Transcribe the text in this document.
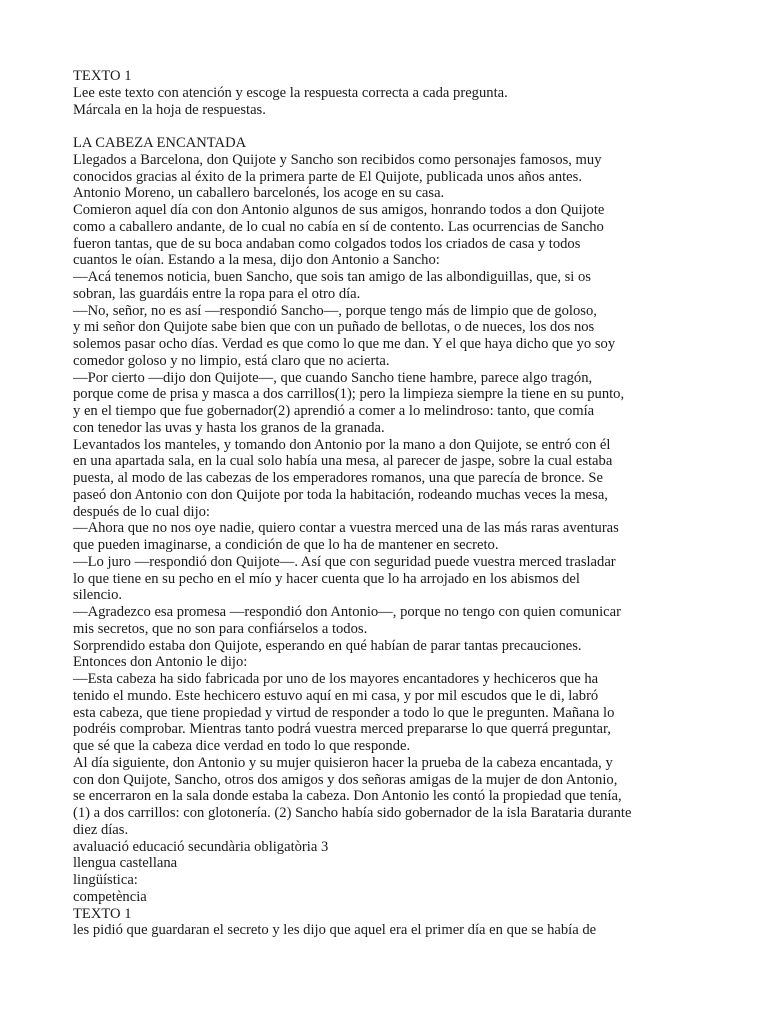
TEXTO 1
Lee este texto con atención y escoge la respuesta correcta a cada pregunta.
Márcala en la hoja de respuestas.
LA CABEZA ENCANTADA
Llegados a Barcelona, don Quijote y Sancho son recibidos como personajes famosos, muy
conocidos gracias al éxito de la primera parte de El Quijote, publicada unos años antes.
Antonio Moreno, un caballero barcelonés, los acoge en su casa.
Comieron aquel día con don Antonio algunos de sus amigos, honrando todos a don Quijote
como a caballero andante, de lo cual no cabía en sí de contento. Las ocurrencias de Sancho
fueron tantas, que de su boca andaban como colgados todos los criados de casa y todos
cuantos le oían. Estando a la mesa, dijo don Antonio a Sancho:
—Acá tenemos noticia, buen Sancho, que sois tan amigo de las albondiguillas, que, si os
sobran, las guardáis entre la ropa para el otro día.
—No, señor, no es así —respondió Sancho—, porque tengo más de limpio que de goloso,
y mi señor don Quijote sabe bien que con un puñado de bellotas, o de nueces, los dos nos
solemos pasar ocho días. Verdad es que como lo que me dan. Y el que haya dicho que yo soy
comedor goloso y no limpio, está claro que no acierta.
—Por cierto —dijo don Quijote—, que cuando Sancho tiene hambre, parece algo tragón,
porque come de prisa y masca a dos carrillos(1); pero la limpieza siempre la tiene en su punto,
y en el tiempo que fue gobernador(2) aprendió a comer a lo melindroso: tanto, que comía
con tenedor las uvas y hasta los granos de la granada.
Levantados los manteles, y tomando don Antonio por la mano a don Quijote, se entró con él
en una apartada sala, en la cual solo había una mesa, al parecer de jaspe, sobre la cual estaba
puesta, al modo de las cabezas de los emperadores romanos, una que parecía de bronce. Se
paseó don Antonio con don Quijote por toda la habitación, rodeando muchas veces la mesa,
después de lo cual dijo:
—Ahora que no nos oye nadie, quiero contar a vuestra merced una de las más raras aventuras
que pueden imaginarse, a condición de que lo ha de mantener en secreto.
—Lo juro —respondió don Quijote—. Así que con seguridad puede vuestra merced trasladar
lo que tiene en su pecho en el mío y hacer cuenta que lo ha arrojado en los abismos del
silencio.
—Agradezco esa promesa —respondió don Antonio—, porque no tengo con quien comunicar
mis secretos, que no son para confiárselos a todos.
Sorprendido estaba don Quijote, esperando en qué habían de parar tantas precauciones.
Entonces don Antonio le dijo:
—Esta cabeza ha sido fabricada por uno de los mayores encantadores y hechiceros que ha
tenido el mundo. Este hechicero estuvo aquí en mi casa, y por mil escudos que le di, labró
esta cabeza, que tiene propiedad y virtud de responder a todo lo que le pregunten. Mañana lo
podréis comprobar. Mientras tanto podrá vuestra merced prepararse lo que querrá preguntar,
que sé que la cabeza dice verdad en todo lo que responde.
Al día siguiente, don Antonio y su mujer quisieron hacer la prueba de la cabeza encantada, y
con don Quijote, Sancho, otros dos amigos y dos señoras amigas de la mujer de don Antonio,
se encerraron en la sala donde estaba la cabeza. Don Antonio les contó la propiedad que tenía,
(1) a dos carrillos: con glotonería. (2) Sancho había sido gobernador de la isla Barataria durante
diez días.
avaluació educació secundària obligatòria 3
llengua castellana
lingüística:
competència
TEXTO 1
les pidió que guardaran el secreto y les dijo que aquel era el primer día en que se había de
